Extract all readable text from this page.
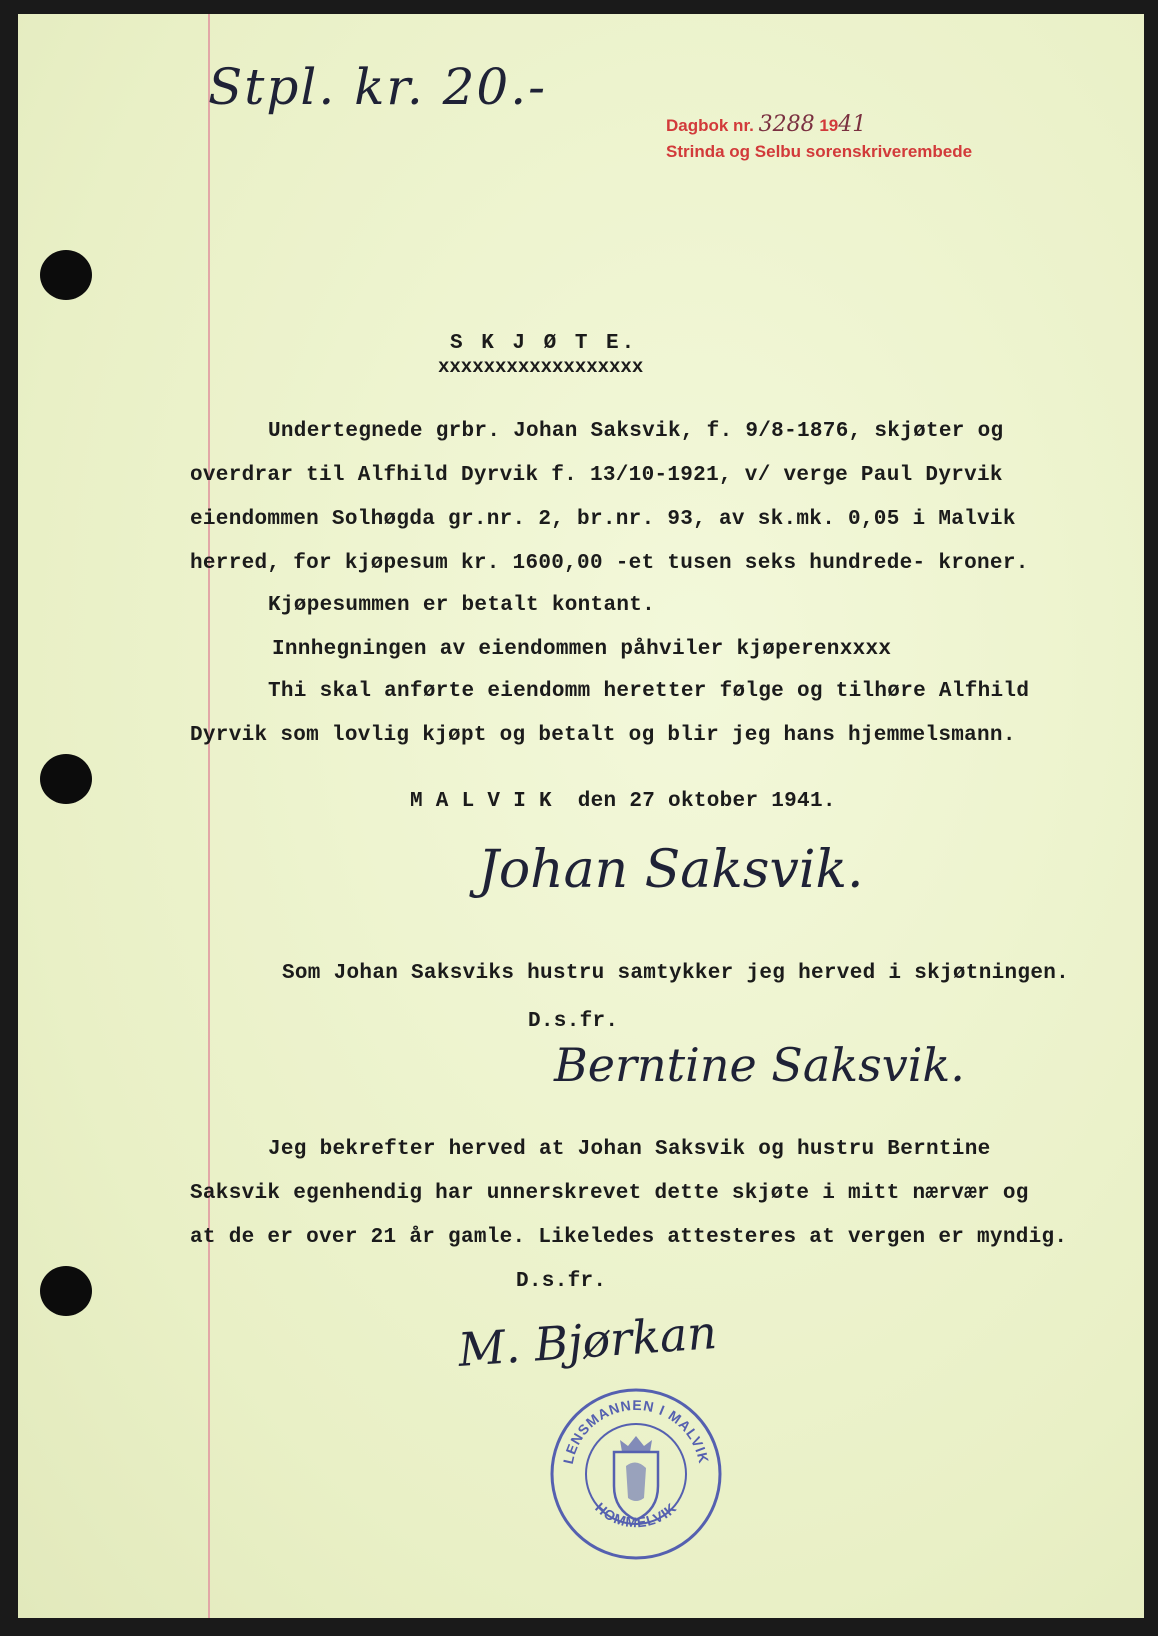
Stpl. kr. 20.-
Dagbok nr. 3288 1941
Strinda og Selbu sorenskriverembede
S K J Ø T E.
xxxxxxxxxxxxxxxxxx
Undertegnede grbr. Johan Saksvik, f. 9/8-1876, skjøter og
overdrar til Alfhild Dyrvik f. 13/10-1921, v/ verge Paul Dyrvik
eiendommen Solhøgda gr.nr. 2, br.nr. 93, av sk.mk. 0,05 i Malvik
herred, for kjøpesum kr. 1600,00 -et tusen seks hundrede- kroner.
Kjøpesummen er betalt kontant.
Innhegningen av eiendommen påhviler kjøperenxxxx
Thi skal anførte eiendomm heretter følge og tilhøre Alfhild
Dyrvik som lovlig kjøpt og betalt og blir jeg hans hjemmelsmann.
M A L V I K  den 27 oktober 1941.
Johan Saksvik.
Som Johan Saksviks hustru samtykker jeg herved i skjøtningen.
D.s.fr.
Berntine Saksvik.
Jeg bekrefter herved at Johan Saksvik og hustru Berntine
Saksvik egenhendig har unnerskrevet dette skjøte i mitt nærvær og
at de er over 21 år gamle. Likeledes attesteres at vergen er myndig.
D.s.fr.
M. Bjørkan
LENSMANNEN I MALVIK
HOMMELVIK
